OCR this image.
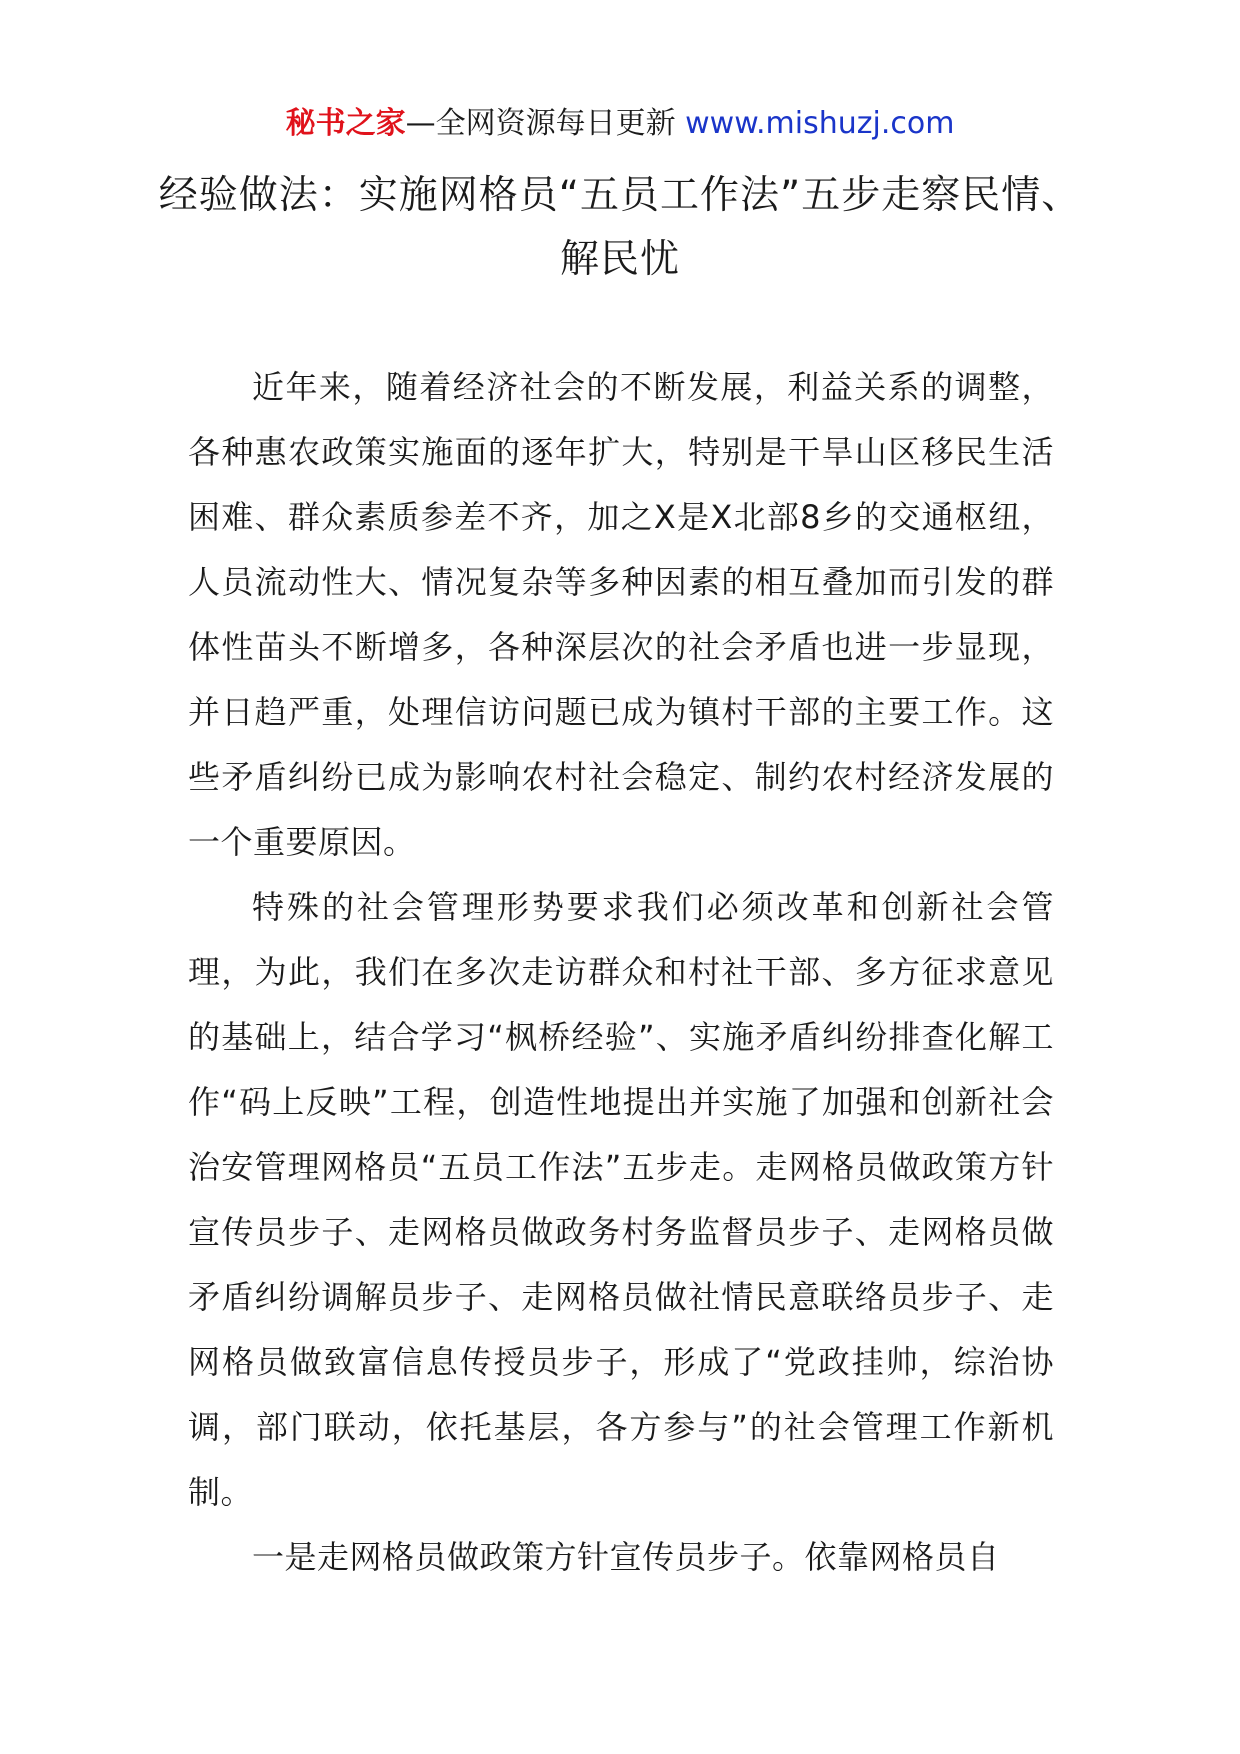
秘书之家—全网资源每日更新 www.mishuzj.com
经验做法：实施网格员“五员工作法”五步走察民情、解民忧

近年来，随着经济社会的不断发展，利益关系的调整，各种惠农政策实施面的逐年扩大，特别是干旱山区移民生活困难、群众素质参差不齐，加之X是X北部8乡的交通枢纽，人员流动性大、情况复杂等多种因素的相互叠加而引发的群体性苗头不断增多，各种深层次的社会矛盾也进一步显现，并日趋严重，处理信访问题已成为镇村干部的主要工作。这些矛盾纠纷已成为影响农村社会稳定、制约农村经济发展的一个重要原因。

特殊的社会管理形势要求我们必须改革和创新社会管理，为此，我们在多次走访群众和村社干部、多方征求意见的基础上，结合学习“枫桥经验”、实施矛盾纠纷排查化解工作“码上反映”工程，创造性地提出并实施了加强和创新社会治安管理网格员“五员工作法”五步走。走网格员做政策方针宣传员步子、走网格员做政务村务监督员步子、走网格员做矛盾纠纷调解员步子、走网格员做社情民意联络员步子、走网格员做致富信息传授员步子，形成了“党政挂帅，综治协调，部门联动，依托基层，各方参与”的社会管理工作新机制。

一是走网格员做政策方针宣传员步子。依靠网格员自
